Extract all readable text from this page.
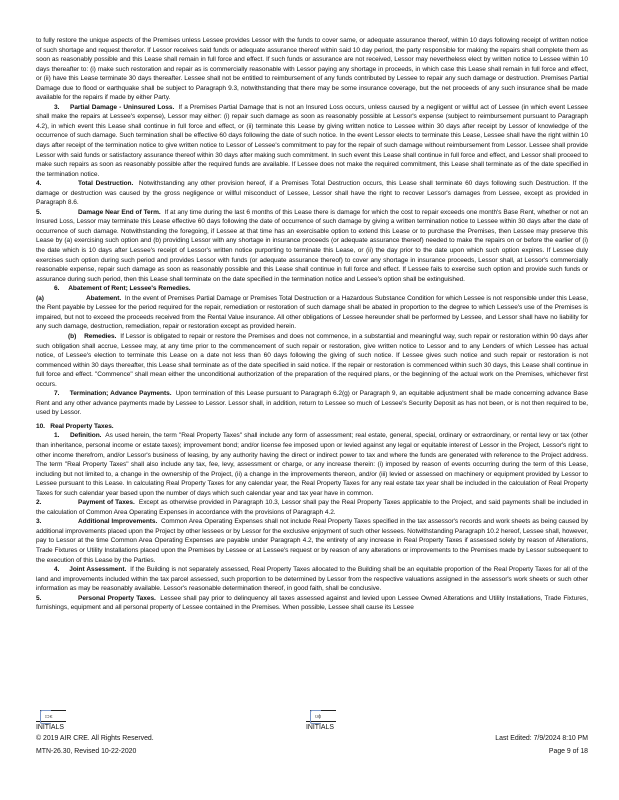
to fully restore the unique aspects of the Premises unless Lessee provides Lessor with the funds to cover same, or adequate assurance thereof, within 10 days following receipt of written notice of such shortage and request therefor. If Lessor receives said funds or adequate assurance thereof within said 10 day period, the party responsible for making the repairs shall complete them as soon as reasonably possible and this Lease shall remain in full force and effect. If such funds or assurance are not received, Lessor may nevertheless elect by written notice to Lessee within 10 days thereafter to: (i) make such restoration and repair as is commercially reasonable with Lessor paying any shortage in proceeds, in which case this Lease shall remain in full force and effect, or (ii) have this Lease terminate 30 days thereafter. Lessee shall not be entitled to reimbursement of any funds contributed by Lessee to repair any such damage or destruction. Premises Partial Damage due to flood or earthquake shall be subject to Paragraph 9.3, notwithstanding that there may be some insurance coverage, but the net proceeds of any such insurance shall be made available for the repairs if made by either Party.

3. Partial Damage - Uninsured Loss. If a Premises Partial Damage that is not an Insured Loss occurs, unless caused by a negligent or willful act of Lessee (in which event Lessee shall make the repairs at Lessee's expense), Lessor may either: (i) repair such damage as soon as reasonably possible at Lessor's expense (subject to reimbursement pursuant to Paragraph 4.2), in which event this Lease shall continue in full force and effect, or (ii) terminate this Lease by giving written notice to Lessee within 30 days after receipt by Lessor of knowledge of the occurrence of such damage. Such termination shall be effective 60 days following the date of such notice. In the event Lessor elects to terminate this Lease, Lessee shall have the right within 10 days after receipt of the termination notice to give written notice to Lessor of Lessee's commitment to pay for the repair of such damage without reimbursement from Lessor. Lessee shall provide Lessor with said funds or satisfactory assurance thereof within 30 days after making such commitment. In such event this Lease shall continue in full force and effect, and Lessor shall proceed to make such repairs as soon as reasonably possible after the required funds are available. If Lessee does not make the required commitment, this Lease shall terminate as of the date specified in the termination notice.

4.	Total Destruction. Notwithstanding any other provision hereof, if a Premises Total Destruction occurs, this Lease shall terminate 60 days following such Destruction. If the damage or destruction was caused by the gross negligence or willful misconduct of Lessee, Lessor shall have the right to recover Lessor's damages from Lessee, except as provided in Paragraph 8.6.

5.	Damage Near End of Term. If at any time during the last 6 months of this Lease there is damage for which the cost to repair exceeds one month's Base Rent, whether or not an Insured Loss, Lessor may terminate this Lease effective 60 days following the date of occurrence of such damage by giving a written termination notice to Lessee within 30 days after the date of occurrence of such damage. Notwithstanding the foregoing, if Lessee at that time has an exercisable option to extend this Lease or to purchase the Premises, then Lessee may preserve this Lease by (a) exercising such option and (b) providing Lessor with any shortage in insurance proceeds (or adequate assurance thereof) needed to make the repairs on or before the earlier of (i) the date which is 10 days after Lessee's receipt of Lessor's written notice purporting to terminate this Lease, or (ii) the day prior to the date upon which such option expires. If Lessee duly exercises such option during such period and provides Lessor with funds (or adequate assurance thereof) to cover any shortage in insurance proceeds, Lessor shall, at Lessor's commercially reasonable expense, repair such damage as soon as reasonably possible and this Lease shall continue in full force and effect. If Lessee fails to exercise such option and provide such funds or assurance during such period, then this Lease shall terminate on the date specified in the termination notice and Lessee's option shall be extinguished.

6. Abatement of Rent; Lessee's Remedies.

(a)	Abatement. In the event of Premises Partial Damage or Premises Total Destruction or a Hazardous Substance Condition for which Lessee is not responsible under this Lease, the Rent payable by Lessee for the period required for the repair, remediation or restoration of such damage shall be abated in proportion to the degree to which Lessee's use of the Premises is impaired, but not to exceed the proceeds received from the Rental Value insurance. All other obligations of Lessee hereunder shall be performed by Lessee, and Lessor shall have no liability for any such damage, destruction, remediation, repair or restoration except as provided herein.

(b) Remedies. If Lessor is obligated to repair or restore the Premises and does not commence, in a substantial and meaningful way, such repair or restoration within 90 days after such obligation shall accrue, Lessee may, at any time prior to the commencement of such repair or restoration, give written notice to Lessor and to any Lenders of which Lessee has actual notice, of Lessee's election to terminate this Lease on a date not less than 60 days following the giving of such notice. If Lessee gives such notice and such repair or restoration is not commenced within 30 days thereafter, this Lease shall terminate as of the date specified in said notice. If the repair or restoration is commenced within such 30 days, this Lease shall continue in full force and effect. "Commence" shall mean either the unconditional authorization of the preparation of the required plans, or the beginning of the actual work on the Premises, whichever first occurs.

7. Termination; Advance Payments. Upon termination of this Lease pursuant to Paragraph 6.2(g) or Paragraph 9, an equitable adjustment shall be made concerning advance Base Rent and any other advance payments made by Lessee to Lessor. Lessor shall, in addition, return to Lessee so much of Lessee's Security Deposit as has not been, or is not then required to be, used by Lessor.

10. Real Property Taxes.

1. Definition. As used herein, the term "Real Property Taxes" shall include any form of assessment; real estate, general, special, ordinary or extraordinary, or rental levy or tax (other than inheritance, personal income or estate taxes); improvement bond; and/or license fee imposed upon or levied against any legal or equitable interest of Lessor in the Project, Lessor's right to other income therefrom, and/or Lessor's business of leasing, by any authority having the direct or indirect power to tax and where the funds are generated with reference to the Project address. The term "Real Property Taxes" shall also include any tax, fee, levy, assessment or charge, or any increase therein: (i) imposed by reason of events occurring during the term of this Lease, including but not limited to, a change in the ownership of the Project, (ii) a change in the improvements thereon, and/or (iii) levied or assessed on machinery or equipment provided by Lessor to Lessee pursuant to this Lease. In calculating Real Property Taxes for any calendar year, the Real Property Taxes for any real estate tax year shall be included in the calculation of Real Property Taxes for such calendar year based upon the number of days which such calendar year and tax year have in common.

2.	Payment of Taxes. Except as otherwise provided in Paragraph 10.3, Lessor shall pay the Real Property Taxes applicable to the Project, and said payments shall be included in the calculation of Common Area Operating Expenses in accordance with the provisions of Paragraph 4.2.

3.	Additional Improvements. Common Area Operating Expenses shall not include Real Property Taxes specified in the tax assessor's records and work sheets as being caused by additional improvements placed upon the Project by other lessees or by Lessor for the exclusive enjoyment of such other lessees. Notwithstanding Paragraph 10.2 hereof, Lessee shall, however, pay to Lessor at the time Common Area Operating Expenses are payable under Paragraph 4.2, the entirety of any increase in Real Property Taxes if assessed solely by reason of Alterations, Trade Fixtures or Utility Installations placed upon the Premises by Lessee or at Lessee's request or by reason of any alterations or improvements to the Premises made by Lessor subsequent to the execution of this Lease by the Parties.

4. Joint Assessment. If the Building is not separately assessed, Real Property Taxes allocated to the Building shall be an equitable proportion of the Real Property Taxes for all of the land and improvements included within the tax parcel assessed, such proportion to be determined by Lessor from the respective valuations assigned in the assessor's work sheets or such other information as may be reasonably available. Lessor's reasonable determination thereof, in good faith, shall be conclusive.

5.	Personal Property Taxes. Lessee shall pay prior to delinquency all taxes assessed against and levied upon Lessee Owned Alterations and Utility Installations, Trade Fixtures, furnishings, equipment and all personal property of Lessee contained in the Premises. When possible, Lessee shall cause its Lessee

ɪɔĸ
INITIALS
ʋɸ
INITIALS
© 2019 AIR CRE. All Rights Reserved.	Last Edited: 7/9/2024 8:10 PM
MTN-26.30, Revised 10-22-2020	Page 9 of 18
